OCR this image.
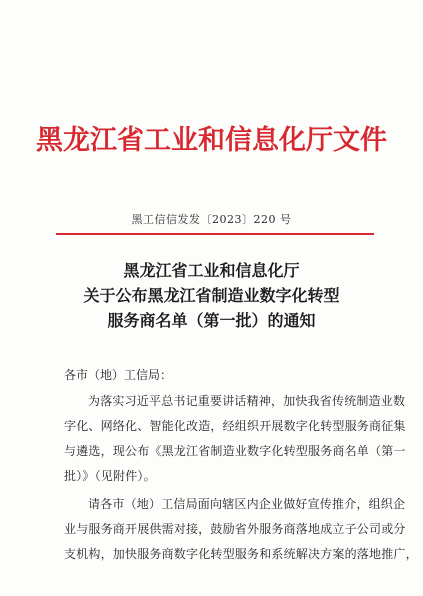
黑龙江省工业和信息化厅文件
黑工信信发发〔2023〕220 号
黑龙江省工业和信息化厅
关于公布黑龙江省制造业数字化转型
服务商名单（第一批）的通知
各市（地）工信局：
为落实习近平总书记重要讲话精神，加快我省传统制造业数
字化、网络化、智能化改造，经组织开展数字化转型服务商征集
与遴选，现公布《黑龙江省制造业数字化转型服务商名单（第一
批）》（见附件）。
请各市（地）工信局面向辖区内企业做好宣传推介，组织企
业与服务商开展供需对接，鼓励省外服务商落地成立子公司或分
支机构，加快服务商数字化转型服务和系统解决方案的落地推广，
